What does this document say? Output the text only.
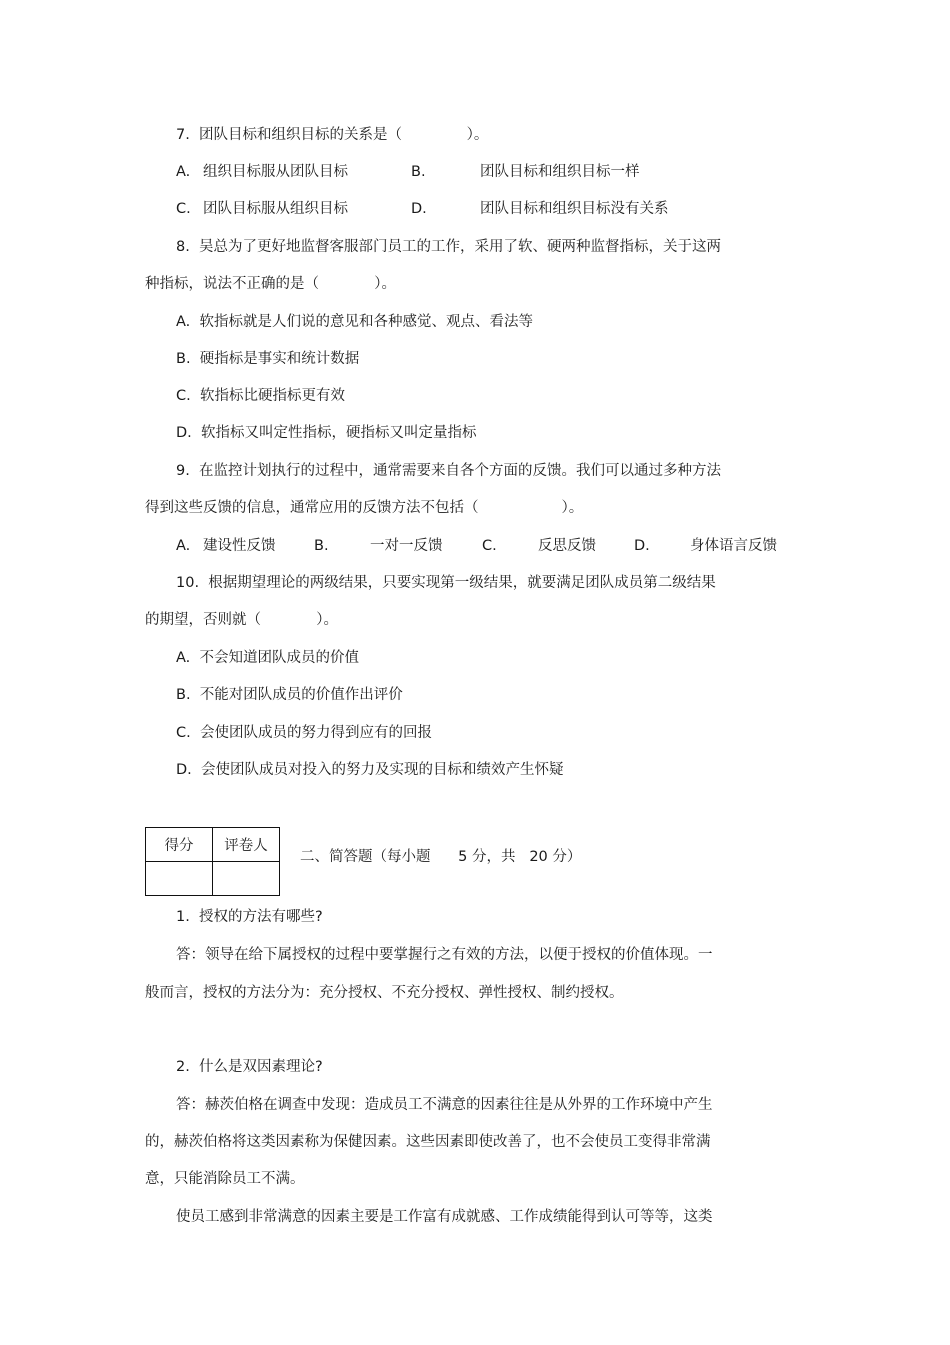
7.  团队目标和组织目标的关系是（              ）。
A. 组织目标服从团队目标	B.	团队目标和组织目标一样
C. 团队目标服从组织目标	D.	团队目标和组织目标没有关系
8.  吴总为了更好地监督客服部门员工的工作，采用了软、硬两种监督指标，关于这两
种指标，说法不正确的是（            ）。
A.  软指标就是人们说的意见和各种感觉、观点、看法等
B.  硬指标是事实和统计数据
C.  软指标比硬指标更有效
D.  软指标又叫定性指标，硬指标又叫定量指标
9.  在监控计划执行的过程中，通常需要来自各个方面的反馈。我们可以通过多种方法
得到这些反馈的信息，通常应用的反馈方法不包括（                  ）。
A. 建设性反馈	B.	一对一反馈	C.	反思反馈	D.	身体语言反馈
10.  根据期望理论的两级结果，只要实现第一级结果，就要满足团队成员第二级结果
的期望，否则就（            ）。
A.  不会知道团队成员的价值
B.  不能对团队成员的价值作出评价
C.  会使团队成员的努力得到应有的回报
D.  会使团队成员对投入的努力及实现的目标和绩效产生怀疑
得分	评卷人

二、简答题（每小题      5 分，共   20 分）
1.  授权的方法有哪些?
答：领导在给下属授权的过程中要掌握行之有效的方法，以便于授权的价值体现。一
般而言，授权的方法分为：充分授权、不充分授权、弹性授权、制约授权。
2.  什么是双因素理论?
答：赫茨伯格在调查中发现：造成员工不满意的因素往往是从外界的工作环境中产生
的，赫茨伯格将这类因素称为保健因素。这些因素即使改善了，也不会使员工变得非常满
意，只能消除员工不满。
使员工感到非常满意的因素主要是工作富有成就感、工作成绩能得到认可等等，这类
